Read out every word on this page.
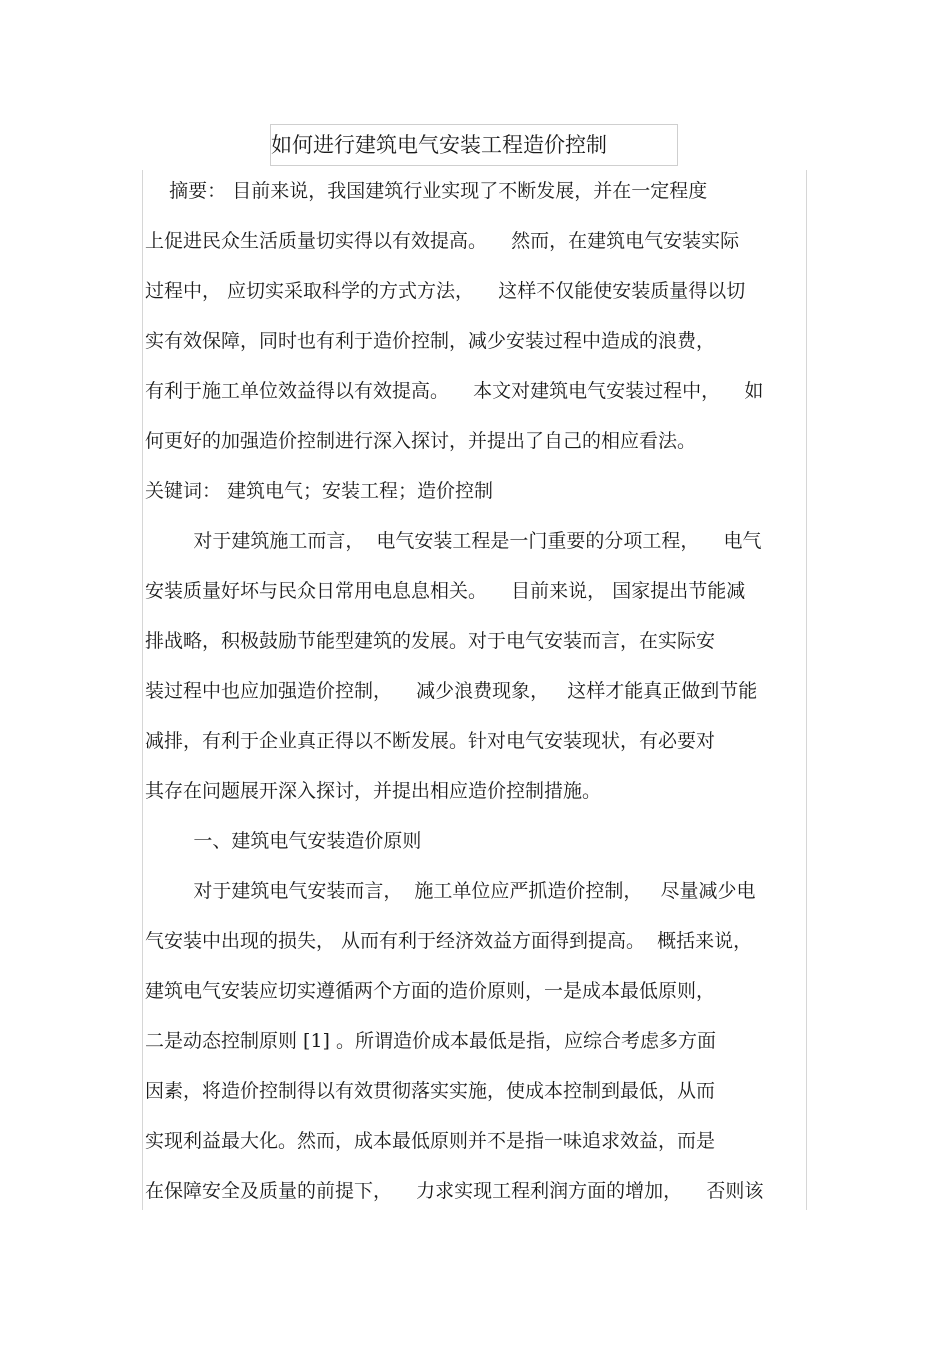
如何进行建筑电气安装工程造价控制
摘要： 目前来说，我国建筑行业实现了不断发展，并在一定程度
上促进民众生活质量切实得以有效提高。    然而，在建筑电气安装实际
过程中， 应切实采取科学的方式方法，    这样不仅能使安装质量得以切
实有效保障，同时也有利于造价控制，减少安装过程中造成的浪费，
有利于施工单位效益得以有效提高。    本文对建筑电气安装过程中，    如
何更好的加强造价控制进行深入探讨，并提出了自己的相应看法。
关键词： 建筑电气；安装工程；造价控制
对于建筑施工而言，  电气安装工程是一门重要的分项工程，    电气
安装质量好坏与民众日常用电息息相关。    目前来说， 国家提出节能减
排战略，积极鼓励节能型建筑的发展。对于电气安装而言，在实际安
装过程中也应加强造价控制，    减少浪费现象，   这样才能真正做到节能
减排，有利于企业真正得以不断发展。针对电气安装现状，有必要对
其存在问题展开深入探讨，并提出相应造价控制措施。
一、建筑电气安装造价原则
对于建筑电气安装而言，  施工单位应严抓造价控制，   尽量减少电
气安装中出现的损失， 从而有利于经济效益方面得到提高。  概括来说，
建筑电气安装应切实遵循两个方面的造价原则，一是成本最低原则，
二是动态控制原则 [1] 。所谓造价成本最低是指，应综合考虑多方面
因素，将造价控制得以有效贯彻落实实施，使成本控制到最低，从而
实现利益最大化。然而，成本最低原则并不是指一味追求效益，而是
在保障安全及质量的前提下，    力求实现工程利润方面的增加，    否则该
